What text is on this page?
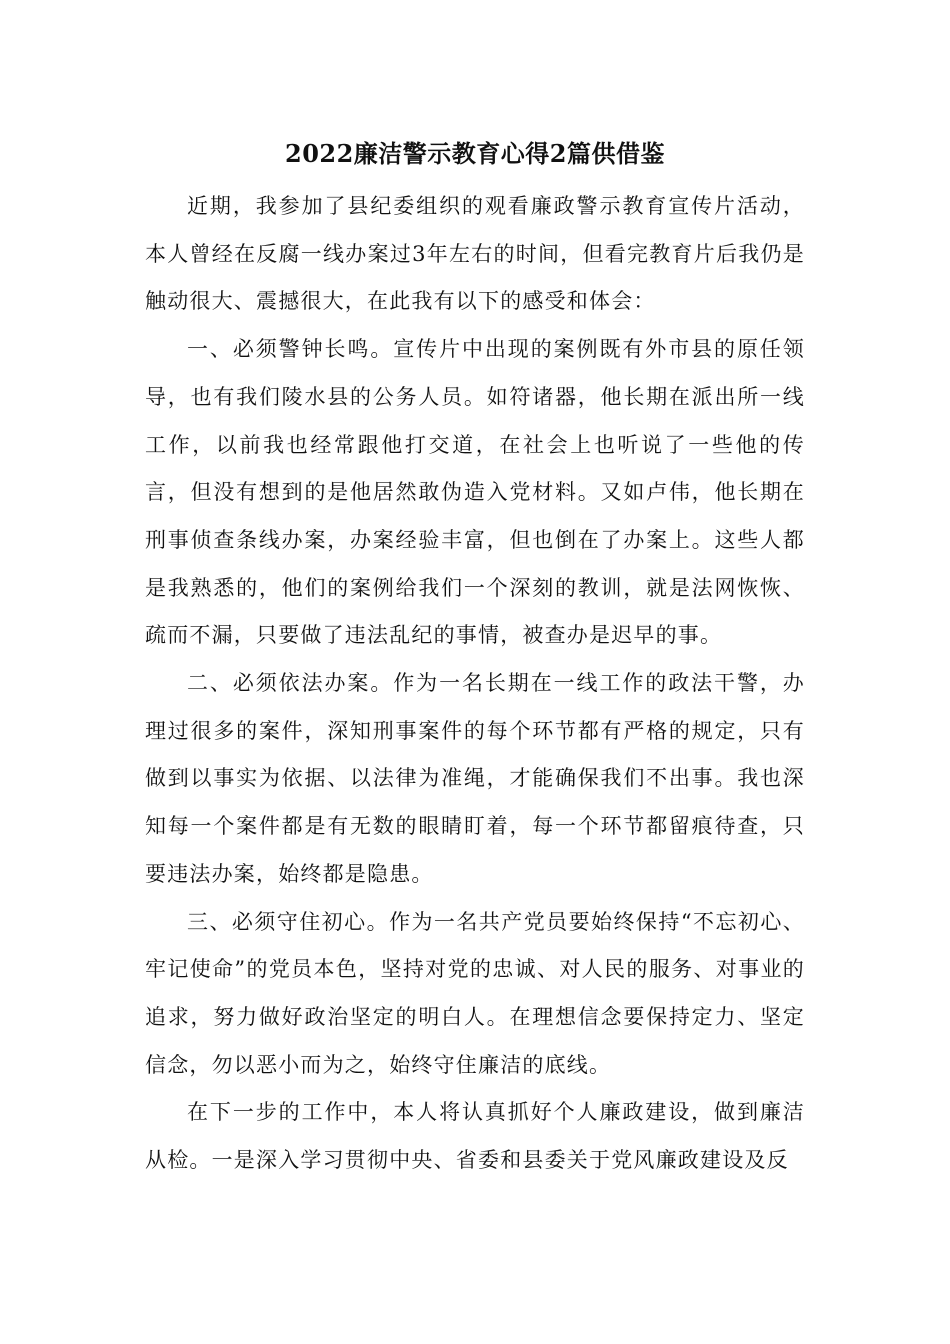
2022廉洁警示教育心得2篇供借鉴

近期，我参加了县纪委组织的观看廉政警示教育宣传片活动，本人曾经在反腐一线办案过3年左右的时间，但看完教育片后我仍是触动很大、震撼很大，在此我有以下的感受和体会：

一、必须警钟长鸣。宣传片中出现的案例既有外市县的原任领导，也有我们陵水县的公务人员。如符诸器，他长期在派出所一线工作，以前我也经常跟他打交道，在社会上也听说了一些他的传言，但没有想到的是他居然敢伪造入党材料。又如卢伟，他长期在刑事侦查条线办案，办案经验丰富，但也倒在了办案上。这些人都是我熟悉的，他们的案例给我们一个深刻的教训，就是法网恢恢、疏而不漏，只要做了违法乱纪的事情，被查办是迟早的事。

二、必须依法办案。作为一名长期在一线工作的政法干警，办理过很多的案件，深知刑事案件的每个环节都有严格的规定，只有做到以事实为依据、以法律为准绳，才能确保我们不出事。我也深知每一个案件都是有无数的眼睛盯着，每一个环节都留痕待查，只要违法办案，始终都是隐患。

三、必须守住初心。作为一名共产党员要始终保持“不忘初心、牢记使命”的党员本色，坚持对党的忠诚、对人民的服务、对事业的追求，努力做好政治坚定的明白人。在理想信念要保持定力、坚定信念，勿以恶小而为之，始终守住廉洁的底线。

在下一步的工作中，本人将认真抓好个人廉政建设，做到廉洁从检。一是深入学习贯彻中央、省委和县委关于党风廉政建设及反
